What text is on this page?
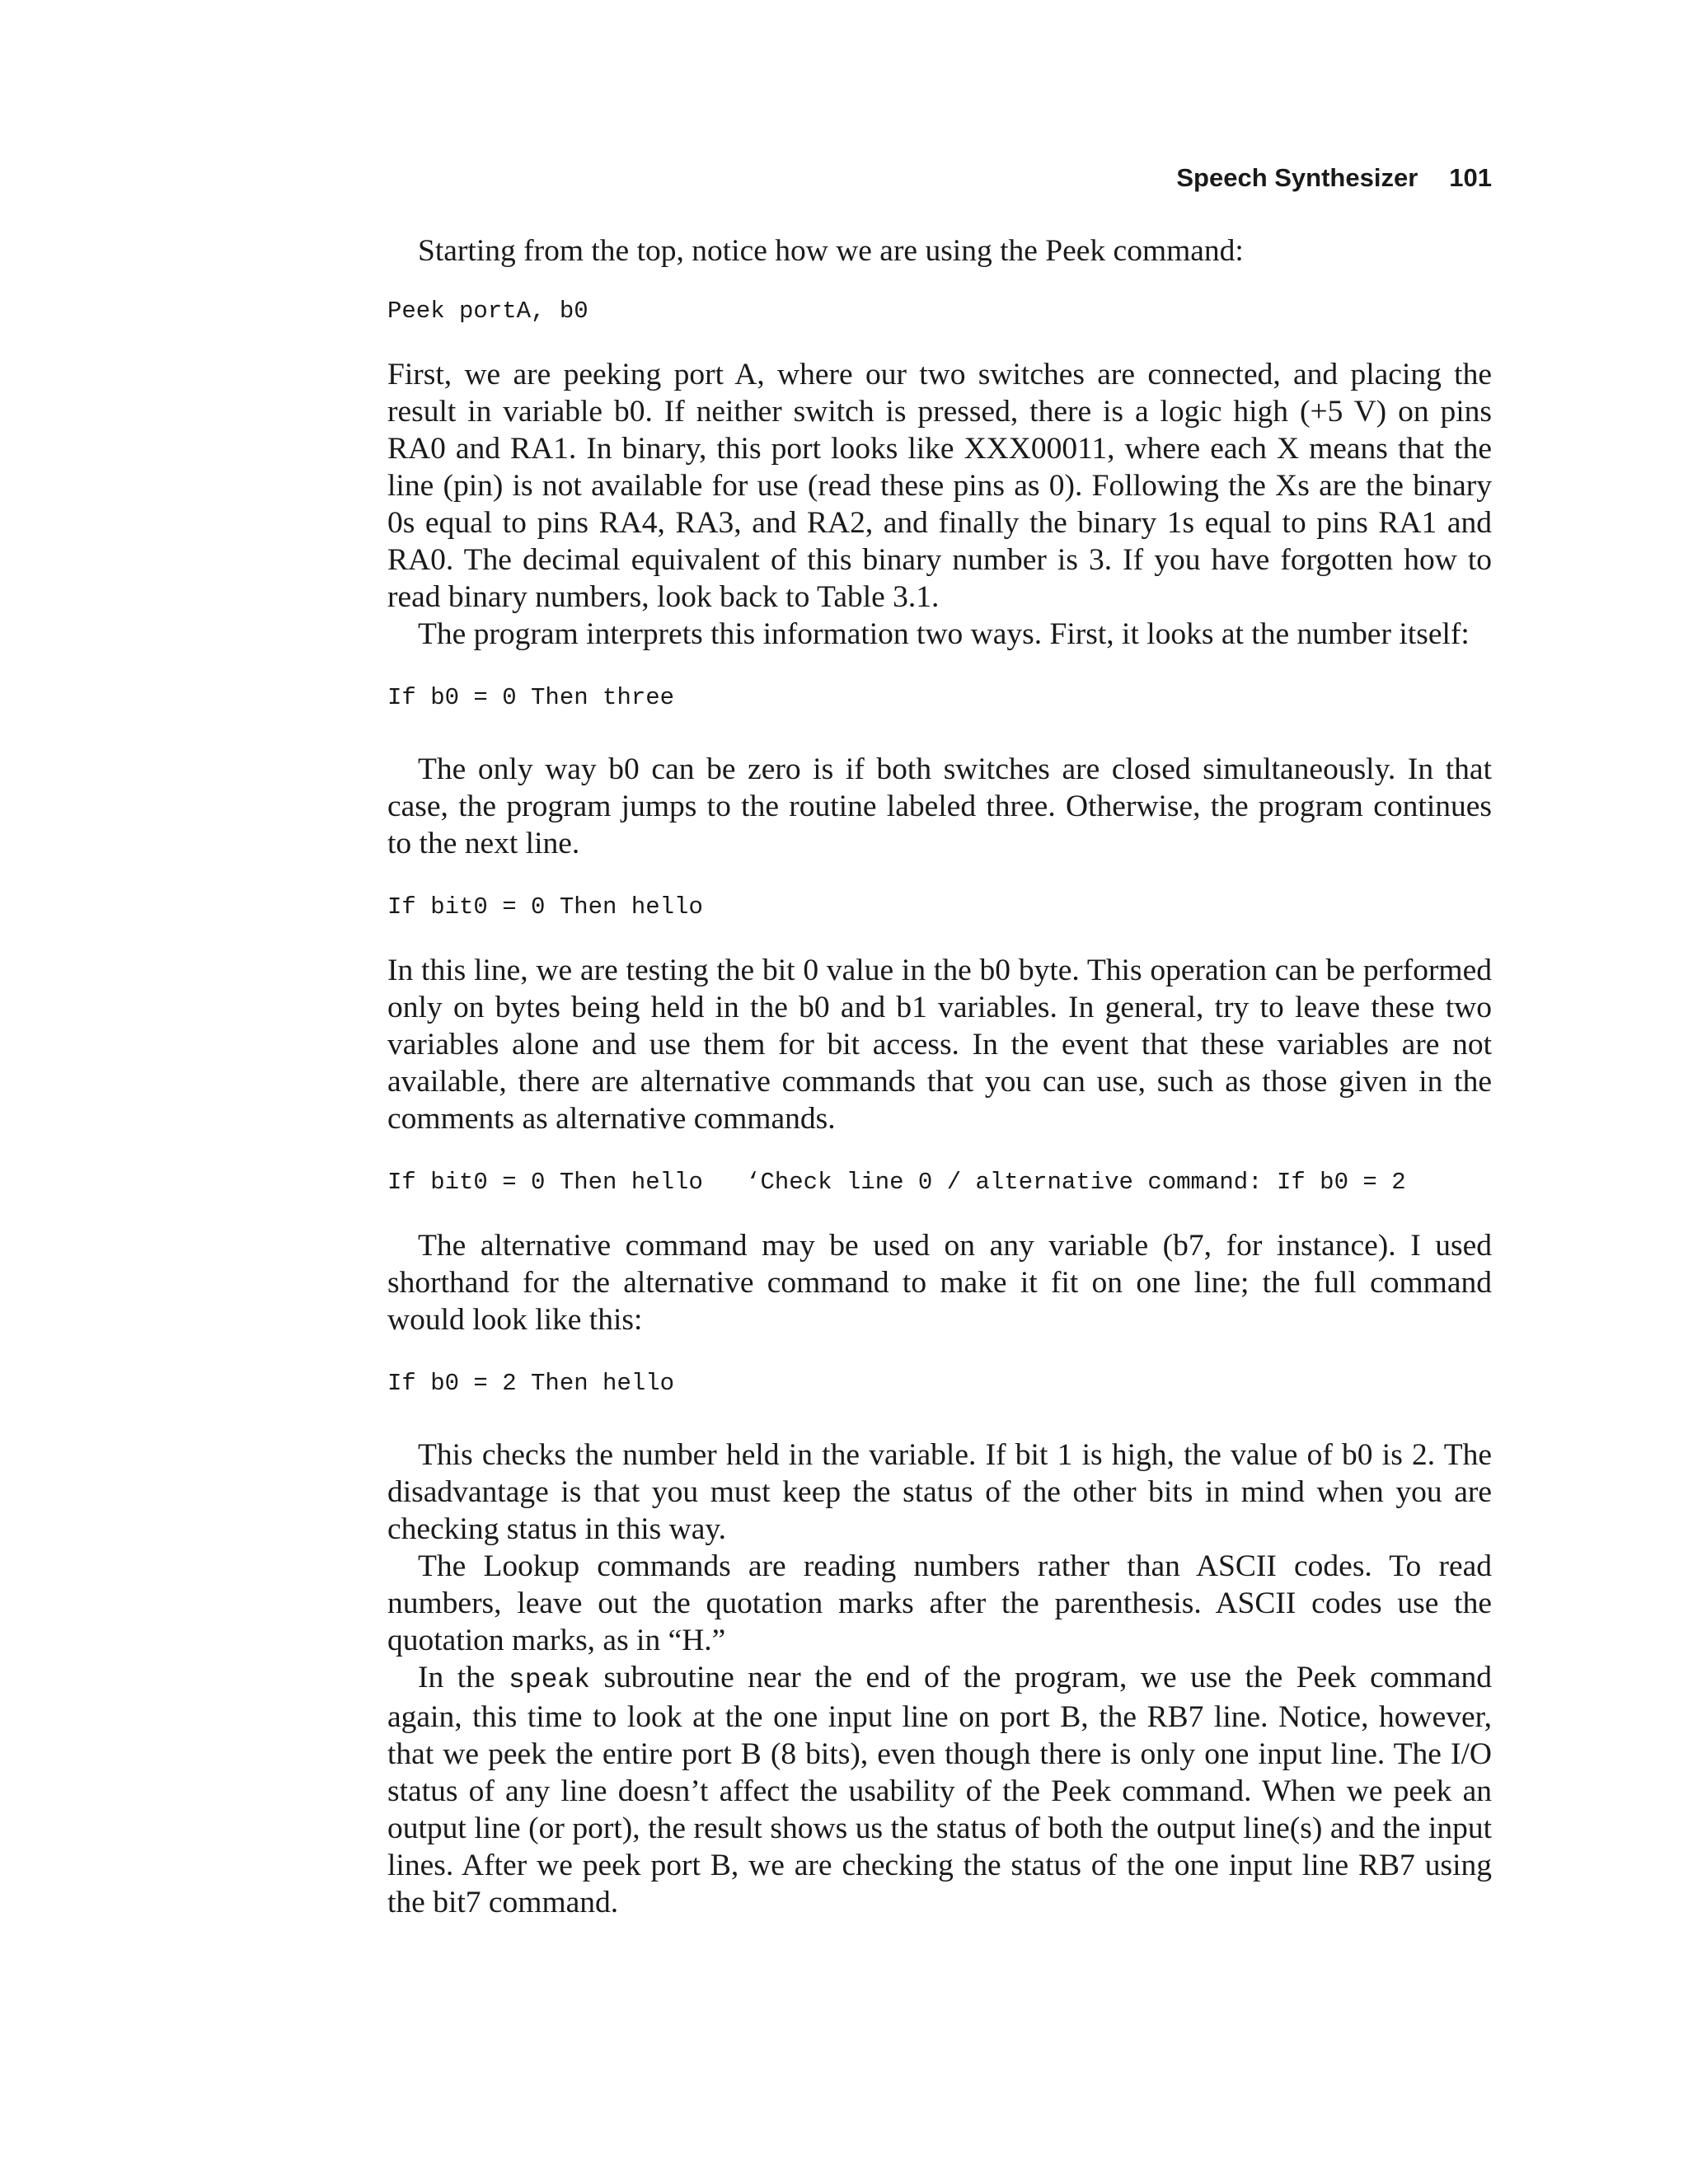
Speech Synthesizer 101

Starting from the top, notice how we are using the Peek command:

Peek portA, b0

First, we are peeking port A, where our two switches are connected, and placing the result in variable b0. If neither switch is pressed, there is a logic high (+5 V) on pins RA0 and RA1. In binary, this port looks like XXX00011, where each X means that the line (pin) is not available for use (read these pins as 0). Following the Xs are the binary 0s equal to pins RA4, RA3, and RA2, and finally the binary 1s equal to pins RA1 and RA0. The decimal equivalent of this binary number is 3. If you have forgotten how to read binary numbers, look back to Table 3.1.

The program interprets this information two ways. First, it looks at the number itself:

If b0 = 0 Then three

The only way b0 can be zero is if both switches are closed simultaneously. In that case, the program jumps to the routine labeled three. Otherwise, the program continues to the next line.

If bit0 = 0 Then hello

In this line, we are testing the bit 0 value in the b0 byte. This operation can be performed only on bytes being held in the b0 and b1 variables. In general, try to leave these two variables alone and use them for bit access. In the event that these variables are not available, there are alternative commands that you can use, such as those given in the comments as alternative commands.

If bit0 = 0 Then hello   ‘Check line 0 / alternative command: If b0 = 2

The alternative command may be used on any variable (b7, for instance). I used shorthand for the alternative command to make it fit on one line; the full command would look like this:

If b0 = 2 Then hello

This checks the number held in the variable. If bit 1 is high, the value of b0 is 2. The disadvantage is that you must keep the status of the other bits in mind when you are checking status in this way.

The Lookup commands are reading numbers rather than ASCII codes. To read numbers, leave out the quotation marks after the parenthesis. ASCII codes use the quotation marks, as in “H.”

In the speak subroutine near the end of the program, we use the Peek command again, this time to look at the one input line on port B, the RB7 line. Notice, however, that we peek the entire port B (8 bits), even though there is only one input line. The I/O status of any line doesn’t affect the usability of the Peek command. When we peek an output line (or port), the result shows us the status of both the output line(s) and the input lines. After we peek port B, we are checking the status of the one input line RB7 using the bit7 command.
